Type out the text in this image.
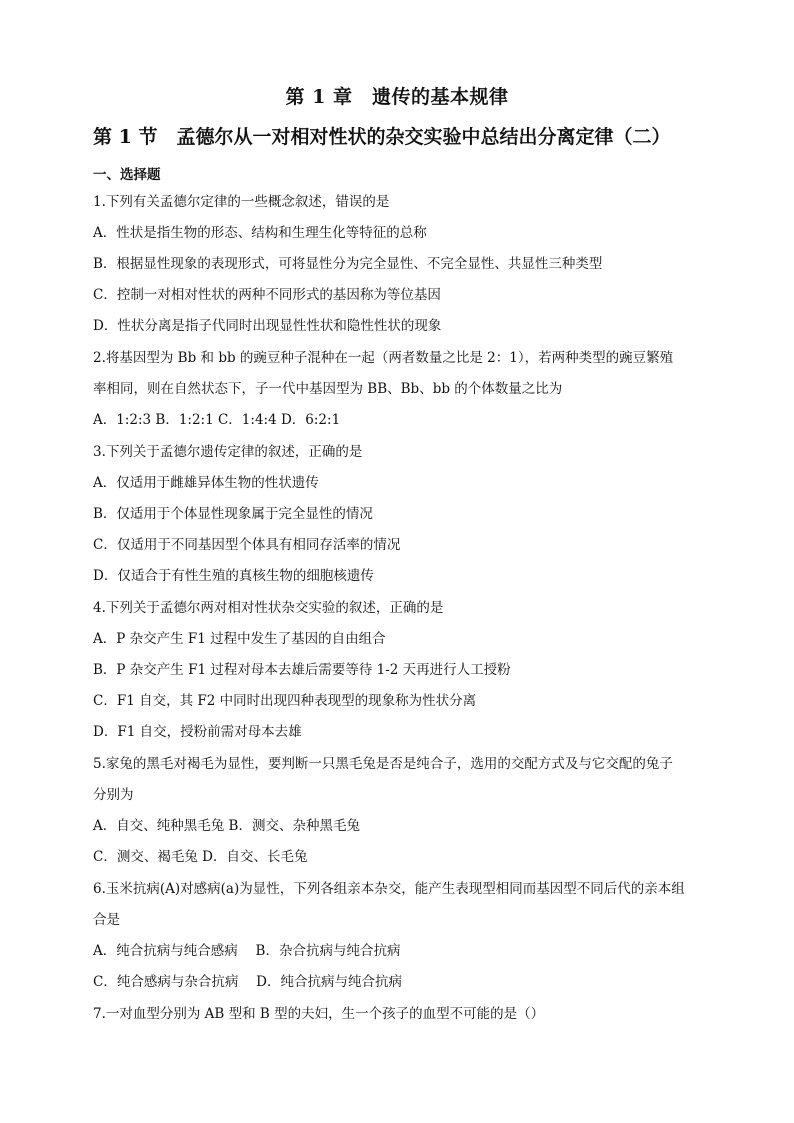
第 1 章　遗传的基本规律
第 1 节　孟德尔从一对相对性状的杂交实验中总结出分离定律（二）
一、选择题
1.下列有关孟德尔定律的一些概念叙述，错误的是
A．性状是指生物的形态、结构和生理生化等特征的总称
B．根据显性现象的表现形式，可将显性分为完全显性、不完全显性、共显性三种类型
C．控制一对相对性状的两种不同形式的基因称为等位基因
D．性状分离是指子代同时出现显性性状和隐性性状的现象
2.将基因型为 Bb 和 bb 的豌豆种子混种在一起（两者数量之比是 2：1），若两种类型的豌豆繁殖
率相同，则在自然状态下，子一代中基因型为 BB、Bb、bb 的个体数量之比为
A．1:2:3 B．1:2:1 C．1:4:4 D．6:2:1
3.下列关于孟德尔遗传定律的叙述，正确的是
A．仅适用于雌雄异体生物的性状遗传
B．仅适用于个体显性现象属于完全显性的情况
C．仅适用于不同基因型个体具有相同存活率的情况
D．仅适合于有性生殖的真核生物的细胞核遗传
4.下列关于孟德尔两对相对性状杂交实验的叙述，正确的是
A．P 杂交产生 F1 过程中发生了基因的自由组合
B．P 杂交产生 F1 过程对母本去雄后需要等待 1-2 天再进行人工授粉
C．F1 自交，其 F2 中同时出现四种表现型的现象称为性状分离
D．F1 自交，授粉前需对母本去雄
5.家兔的黑毛对褐毛为显性，要判断一只黑毛兔是否是纯合子，选用的交配方式及与它交配的兔子
分别为
A．自交、纯种黑毛兔 B．测交、杂种黑毛兔
C．测交、褐毛兔 D．自交、长毛兔
6.玉米抗病(A)对感病(a)为显性，下列各组亲本杂交，能产生表现型相同而基因型不同后代的亲本组
合是
A．纯合抗病与纯合感病　 B．杂合抗病与纯合抗病
C．纯合感病与杂合抗病　 D．纯合抗病与纯合抗病
7.一对血型分别为 AB 型和 B 型的夫妇，生一个孩子的血型不可能的是（）
